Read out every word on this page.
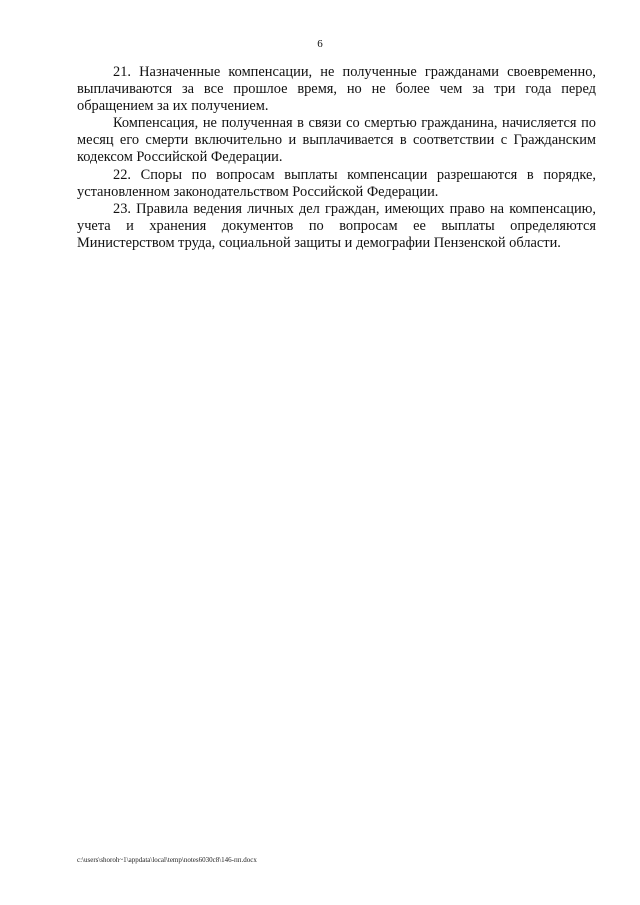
6

21. Назначенные компенсации, не полученные гражданами своевременно, выплачиваются за все прошлое время, но не более чем за три года перед обращением за их получением.

Компенсация, не полученная в связи со смертью гражданина, начисляется по месяц его смерти включительно и выплачивается в соответствии с Гражданским кодексом Российской Федерации.

22. Споры по вопросам выплаты компенсации разрешаются в порядке, установленном законодательством Российской Федерации.

23. Правила ведения личных дел граждан, имеющих право на компенсацию, учета и хранения документов по вопросам ее выплаты определяются Министерством труда, социальной защиты и демографии Пензенской области.

c:\users\shoroh~1\appdata\local\temp\notes6030c8\146-пп.docx
